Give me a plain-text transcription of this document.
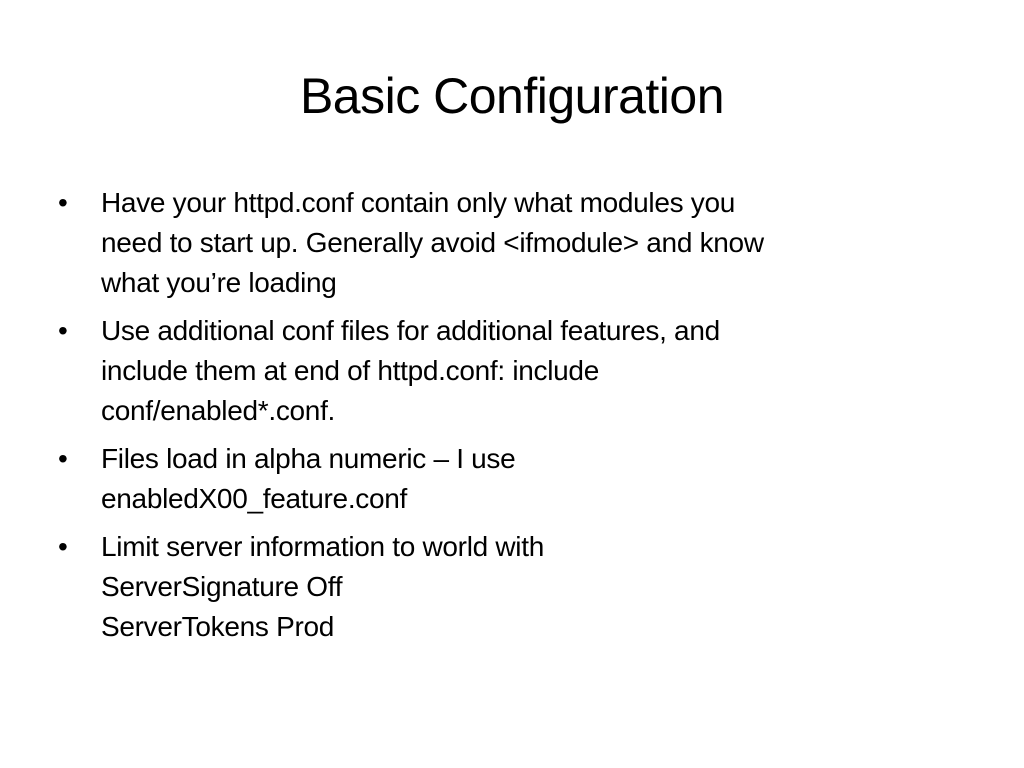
Basic Configuration
• Have your httpd.conf contain only what modules you
need to start up. Generally avoid <ifmodule> and know
what you’re loading
• Use additional conf files for additional features, and
include them at end of httpd.conf: include
conf/enabled*.conf.
• Files load in alpha numeric – I use
enabledX00_feature.conf
• Limit server information to world with
ServerSignature Off
ServerTokens Prod
